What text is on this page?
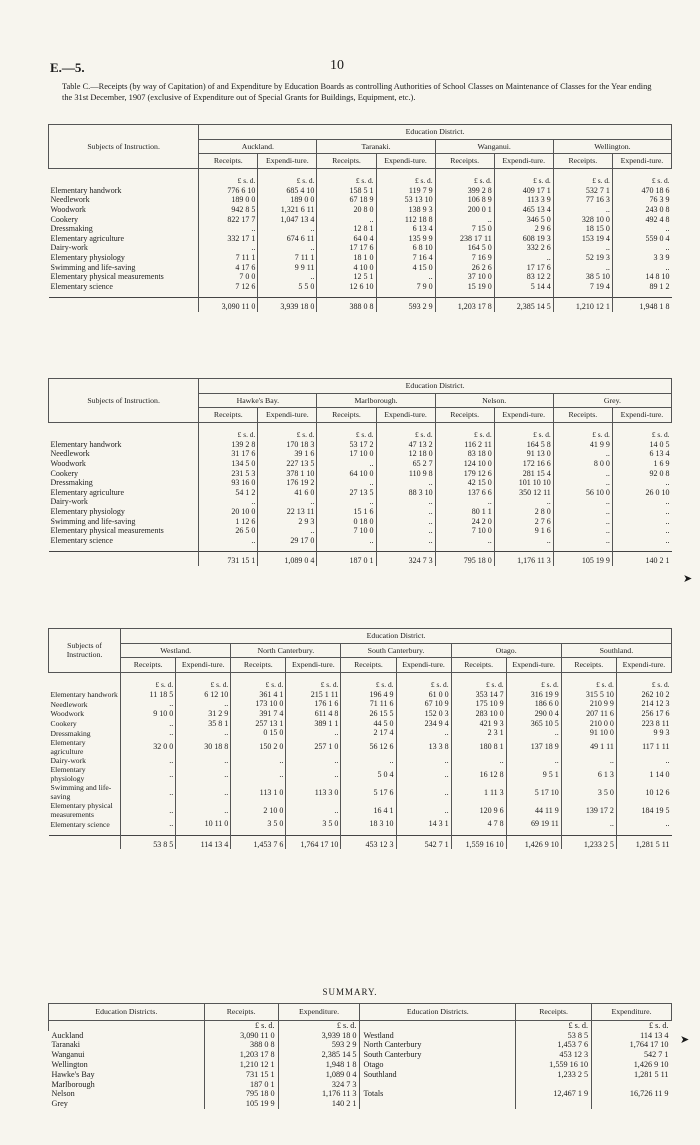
E.—5.	10
Table C.—Receipts (by way of Capitation) of and Expenditure by Education Boards as controlling Authorities of School Classes on Maintenance of Classes for the Year ending the 31st December, 1907 (exclusive of Expenditure out of Special Grants for Buildings, Equipment, etc.).
Subjects of Instruction.	Education District.							
	Auckland.		Taranaki.		Wanganui.		Wellington.	
	Receipts.	Expendi-ture.	Receipts.	Expendi-ture.	Receipts.	Expendi-ture.	Receipts.	Expendi-ture.

	£ s. d.	£ s. d.	£ s. d.	£ s. d.	£ s. d.	£ s. d.	£ s. d.	£ s. d.
Elementary handwork	776 6 10	685 4 10	158 5 1	119 7 9	399 2 8	409 17 1	532 7 1	470 18 6
Needlework	189 0 0	189 0 0	67 18 9	53 13 10	106 8 9	113 3 9	77 16 3	76 3 9
Woodwork	942 8 5	1,321 6 11	20 8 0	138 9 3	200 0 1	465 13 4	..	243 0 8
Cookery	822 17 7	1,047 13 4	..	112 18 8	..	346 5 0	328 10 0	492 4 8
Dressmaking	..	..	12 8 1	6 13 4	7 15 0	2 9 6	18 15 0	..
Elementary agriculture	332 17 1	674 6 11	64 0 4	135 9 9	238 17 11	608 19 3	153 19 4	559 0 4
Dairy-work	..	..	17 17 6	6 8 10	164 5 0	332 2 6	..	..
Elementary physiology	7 11 1	7 11 1	18 1 0	7 16 4	7 16 9	..	52 19 3	3 3 9
Swimming and life-saving	4 17 6	9 9 11	4 10 0	4 15 0	26 2 6	17 17 6	..	..
Elementary physical measurements	7 0 0	..	12 5 1	..	37 10 0	83 12 2	38 5 10	14 8 10
Elementary science	7 12 6	5 5 0	12 6 10	7 9 0	15 19 0	5 14 4	7 19 4	89 1 2

	3,090 11 0	3,939 18 0	388 0 8	593 2 9	1,203 17 8	2,385 14 5	1,210 12 1	1,948 1 8
Subjects of Instruction.	Education District.							
	Hawke's Bay.		Marlborough.		Nelson.		Grey.	
	Receipts.	Expendi-ture.	Receipts.	Expendi-ture.	Receipts.	Expendi-ture.	Receipts.	Expendi-ture.

	£ s. d.	£ s. d.	£ s. d.	£ s. d.	£ s. d.	£ s. d.	£ s. d.	£ s. d.
Elementary handwork	139 2 8	170 18 3	53 17 2	47 13 2	116 2 11	164 5 8	41 9 9	14 0 5
Needlework	31 17 6	39 1 6	17 10 0	12 18 0	83 18 0	91 13 0	..	6 13 4
Woodwork	134 5 0	227 13 5	..	65 2 7	124 10 0	172 16 6	8 0 0	1 6 9
Cookery	231 5 3	378 1 10	64 10 0	110 9 8	179 12 6	281 15 4	..	92 0 8
Dressmaking	93 16 0	176 19 2	..	..	42 15 0	101 10 10	..	..
Elementary agriculture	54 1 2	41 6 0	27 13 5	88 3 10	137 6 6	350 12 11	56 10 0	26 0 10
Dairy-work	..	..	..	..	..	..	..	..
Elementary physiology	20 10 0	22 13 11	15 1 6	..	80 1 1	2 8 0	..	..
Swimming and life-saving	1 12 6	2 9 3	0 18 0	..	24 2 0	2 7 6	..	..
Elementary physical measurements	26 5 0	..	7 10 0	..	7 10 0	9 1 6	..	..
Elementary science	..	29 17 0	..	..	..	..	..	..

	731 15 1	1,089 0 4	187 0 1	324 7 3	795 18 0	1,176 11 3	105 19 9	140 2 1
Subjects of Instruction.	Education District.									
	Westland.		North Canterbury.		South Canterbury.		Otago.		Southland.	
	Receipts.	Expendi-ture.	Receipts.	Expendi-ture.	Receipts.	Expendi-ture.	Receipts.	Expendi-ture.	Receipts.	Expendi-ture.

	£ s. d.	£ s. d.	£ s. d.	£ s. d.	£ s. d.	£ s. d.	£ s. d.	£ s. d.	£ s. d.	£ s. d.
Elementary handwork	11 18 5	6 12 10	361 4 1	215 1 11	196 4 9	61 0 0	353 14 7	316 19 9	315 5 10	262 10 2
Needlework	..	..	173 10 0	176 1 6	71 11 6	67 10 9	175 10 9	186 6 0	210 9 9	214 12 3
Woodwork	9 10 0	31 2 9	391 7 4	611 4 8	26 15 5	152 0 3	283 10 0	290 0 4	207 11 6	256 17 6
Cookery	..	35 8 1	257 13 1	389 1 1	44 5 0	234 9 4	421 9 3	365 10 5	210 0 0	223 8 11
Dressmaking	..	..	0 15 0	..	2 17 4	..	2 3 1	..	91 10 0	9 9 3
Elementary agriculture	32 0 0	30 18 8	150 2 0	257 1 0	56 12 6	13 3 8	180 8 1	137 18 9	49 1 11	117 1 11
Dairy-work	..	..	..	..	..	..	..	..	..	..
Elementary physiology	..	..	..	..	5 0 4	..	16 12 8	9 5 1	6 1 3	1 14 0
Swimming and life-saving	..	..	113 1 0	113 3 0	5 17 6	..	1 11 3	5 17 10	3 5 0	10 12 6
Elementary physical measurements	..	..	2 10 0	..	16 4 1	..	120 9 6	44 11 9	139 17 2	184 19 5
Elementary science	..	10 11 0	3 5 0	3 5 0	18 3 10	14 3 1	4 7 8	69 19 11	..	..

	53 8 5	114 13 4	1,453 7 6	1,764 17 10	453 12 3	542 7 1	1,559 16 10	1,426 9 10	1,233 2 5	1,281 5 11
SUMMARY.
Education Districts.	Receipts.	Expenditure.	Education Districts.	Receipts.	Expenditure.
	£ s. d.	£ s. d.		£ s. d.	£ s. d.
Auckland	3,090 11 0	3,939 18 0	Westland	53 8 5	114 13 4
Taranaki	388 0 8	593 2 9	North Canterbury	1,453 7 6	1,764 17 10
Wanganui	1,203 17 8	2,385 14 5	South Canterbury	453 12 3	542 7 1
Wellington	1,210 12 1	1,948 1 8	Otago	1,559 16 10	1,426 9 10
Hawke's Bay	731 15 1	1,089 0 4	Southland	1,233 2 5	1,281 5 11
Marlborough	187 0 1	324 7 3			
Nelson	795 18 0	1,176 11 3	Totals	12,467 1 9	16,726 11 9
Grey	105 19 9	140 2 1			
➤
➤
